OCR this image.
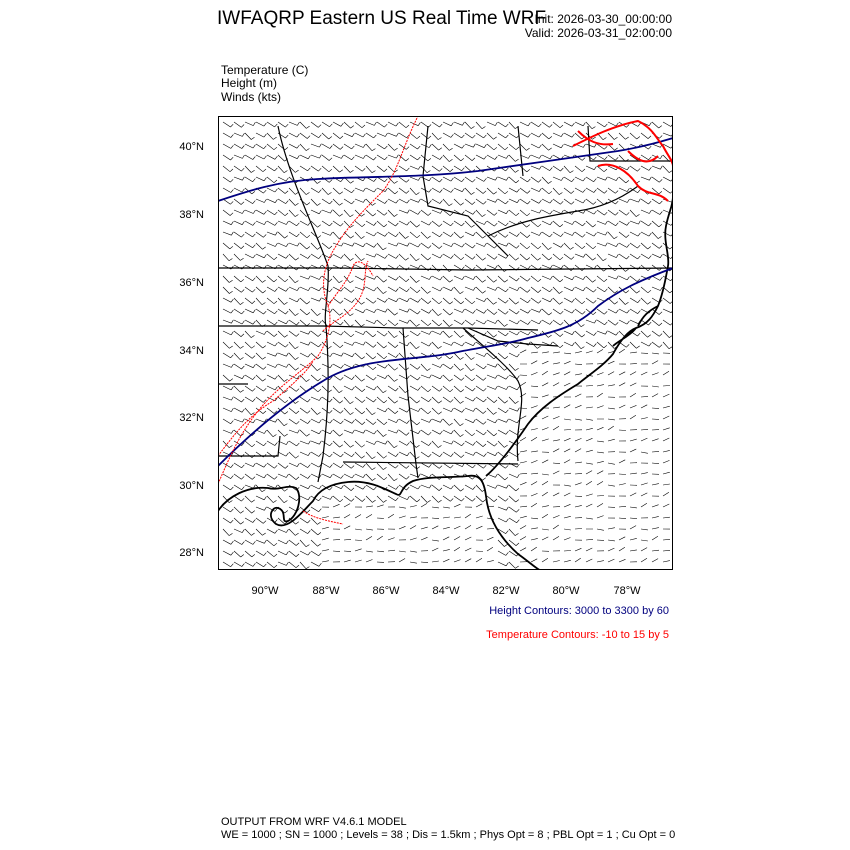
IWFAQRP Eastern US Real Time WRF
Init: 2026-03-30_00:00:00
Valid: 2026-03-31_02:00:00
Temperature (C)
Height (m)
Winds (kts)
40°N
38°N
36°N
34°N
32°N
30°N
28°N
90°W	88°W	86°W	84°W	82°W	80°W	78°W
Height Contours: 3000 to 3300 by 60
Temperature Contours: -10 to 15 by 5
OUTPUT FROM WRF V4.6.1 MODEL
WE = 1000 ; SN = 1000 ; Levels = 38 ; Dis = 1.5km ; Phys Opt = 8 ; PBL Opt = 1 ; Cu Opt = 0
